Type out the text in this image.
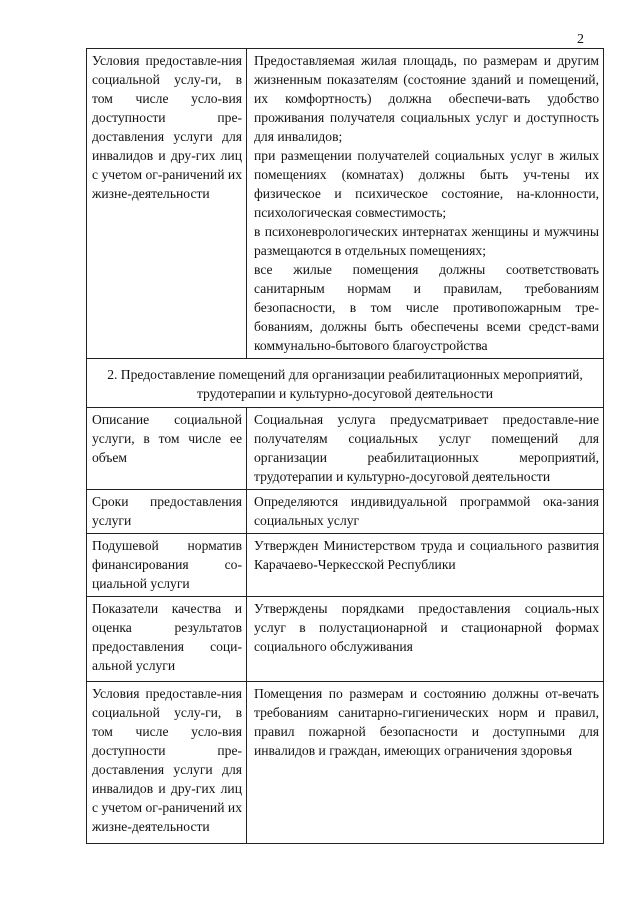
2
Условия предоставле-ния социальной услу-ги, в том числе усло-вия доступности пре-доставления услуги для инвалидов и дру-гих лиц с учетом ог-раничений их жизне-деятельности	Предоставляемая жилая площадь, по размерам и другим жизненным показателям (состояние зданий и помещений, их комфортность) должна обеспечи-вать удобство проживания получателя социальных услуг и доступность для инвалидов;
при размещении получателей социальных услуг в жилых помещениях (комнатах) должны быть уч-тены их физическое и психическое состояние, на-клонности, психологическая совместимость;
в психоневрологических интернатах женщины и мужчины размещаются в отдельных помещениях;
все жилые помещения должны соответствовать санитарным нормам и правилам, требованиям безопасности, в том числе противопожарным тре-бованиям, должны быть обеспечены всеми средст-вами коммунально-бытового благоустройства

2. Предоставление помещений для организации реабилитационных мероприятий, трудотерапии и культурно-досуговой деятельности	
Описание социальной услуги, в том числе ее объем	Социальная услуга предусматривает предоставле-ние получателям социальных услуг помещений для организации реабилитационных мероприятий, трудотерапии и культурно-досуговой деятельности
Сроки предоставления услуги	Определяются индивидуальной программой ока-зания социальных услуг
Подушевой норматив финансирования со-циальной услуги	Утвержден Министерством труда и социального развития Карачаево-Черкесской Республики
Показатели качества и оценка результатов предоставления соци-альной услуги	Утверждены порядками предоставления социаль-ных услуг в полустационарной и стационарной формах социального обслуживания
Условия предоставле-ния социальной услу-ги, в том числе усло-вия доступности пре-доставления услуги для инвалидов и дру-гих лиц с учетом ог-раничений их жизне-деятельности	Помещения по размерам и состоянию должны от-вечать требованиям санитарно-гигиенических норм и правил, правил пожарной безопасности и доступными для инвалидов и граждан, имеющих ограничения здоровья
